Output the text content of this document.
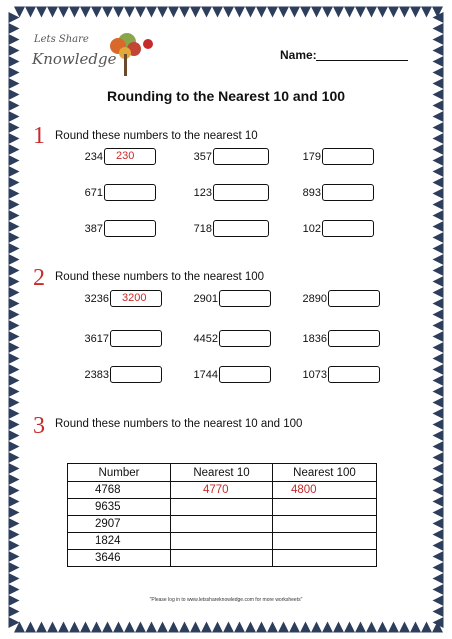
Lets Share
Knowledge	Name:
Rounding to the Nearest 10 and 100
1 Round these numbers to the nearest 10
234	230	357	179
671	123	893
387	718	102
2 Round these numbers to the nearest 100
3236	3200	2901	2890
3617	4452	1836
2383	1744	1073
3 Round these numbers to the nearest 10 and 100
Number	Nearest 10	Nearest 100
4768	4770	4800
9635		
2907		
1824		
3646		
"Please log in to www.letsshareknowledge.com for more worksheets"
